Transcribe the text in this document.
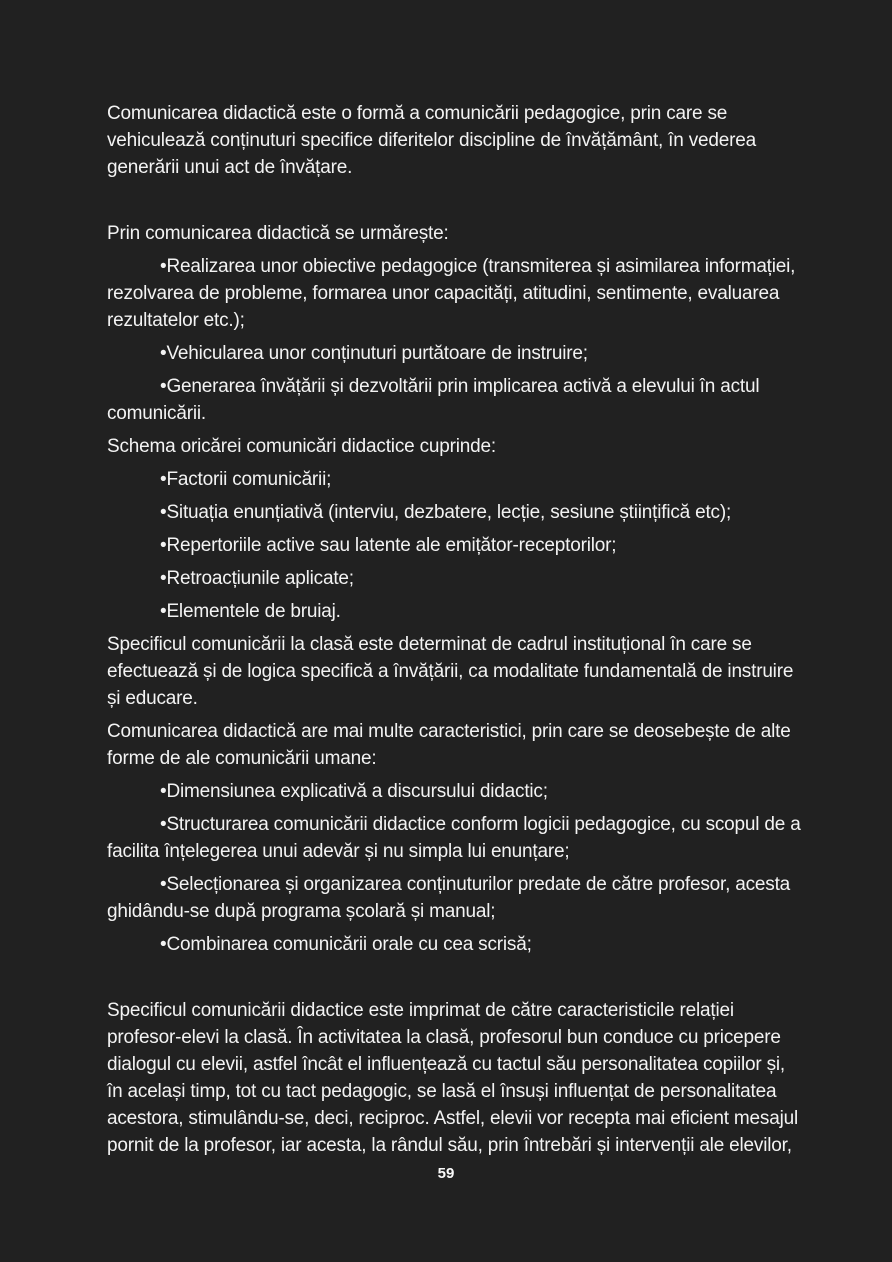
Comunicarea didactică este o formă a comunicării pedagogice, prin care se
vehiculează conținuturi specifice diferitelor discipline de învățământ, în vederea
generării unui act de învățare.
Prin comunicarea didactică se urmărește:
•Realizarea unor obiective pedagogice (transmiterea și asimilarea informației,
rezolvarea de probleme, formarea unor capacități, atitudini, sentimente, evaluarea
rezultatelor etc.);
•Vehicularea unor conținuturi purtătoare de instruire;
•Generarea învățării și dezvoltării prin implicarea activă a elevului în actul
comunicării.
Schema oricărei comunicări didactice cuprinde:
•Factorii comunicării;
•Situația enunțiativă (interviu, dezbatere, lecție, sesiune științifică etc);
•Repertoriile active sau latente ale emițător-receptorilor;
•Retroacțiunile aplicate;
•Elementele de bruiaj.
Specificul comunicării la clasă este determinat de cadrul instituțional în care se
efectuează și de logica specifică a învățării, ca modalitate fundamentală de instruire
și educare.
Comunicarea didactică are mai multe caracteristici, prin care se deosebește de alte
forme de ale comunicării umane:
•Dimensiunea explicativă a discursului didactic;
•Structurarea comunicării didactice conform logicii pedagogice, cu scopul de a
facilita înțelegerea unui adevăr și nu simpla lui enunțare;
•Selecționarea și organizarea conținuturilor predate de către profesor, acesta
ghidându-se după programa școlară și manual;
•Combinarea comunicării orale cu cea scrisă;
Specificul comunicării didactice este imprimat de către caracteristicile relației
profesor-elevi la clasă. În activitatea la clasă, profesorul bun conduce cu pricepere
dialogul cu elevii, astfel încât el influențează cu tactul său personalitatea copiilor și,
în același timp, tot cu tact pedagogic, se lasă el însuși influențat de personalitatea
acestora, stimulându-se, deci, reciproc. Astfel, elevii vor recepta mai eficient mesajul
pornit de la profesor, iar acesta, la rândul său, prin întrebări și intervenții ale elevilor,
59
